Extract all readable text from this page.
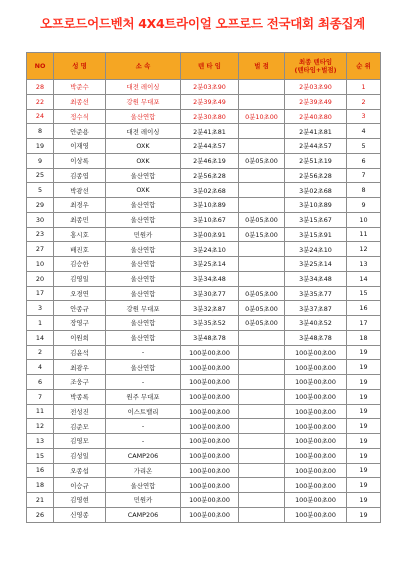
오프로드어드벤처 4X4트라이얼 오프로드 전국대회 최종집계
NO	성 명	소 속	텐 타 임	벌 점	최종 텐타임
(텐타임+벌점)	순 위
28	박준수	대전 레이싱	2분03초90		2분03초90	1
22	최종선	강원 무대포	2분39초49		2분39초49	2
24	정수식	울산연합	2분30초80	0분10초00	2분40초80	3
8	안준용	대전 레이싱	2분41초81		2분41초81	4
19	이재영	OXK	2분44초57		2분44초57	5
9	이상록	OXK	2분46초19	0분05초00	2분51초19	6
25	김종엽	울산연합	2분56초28		2분56초28	7
5	박광선	OXK	3분02초68		3분02초68	8
29	최경우	울산연합	3분10초89		3분10초89	9
30	최종민	울산연합	3분10초67	0분05초00	3분15초67	10
23	홍시호	민원카	3분00초91	0분15초00	3분15초91	11
27	배진호	울산연합	3분24초10		3분24초10	12
10	김승한	울산연합	3분25초14		3분25초14	13
20	김영일	울산연합	3분34초48		3분34초48	14
17	오경연	울산연합	3분30초77	0분05초00	3분35초77	15
3	안종규	강원 무대포	3분32초87	0분05초00	3분37초87	16
1	장영구	울산연합	3분35초52	0분05초00	3분40초52	17
14	이원희	울산연합	3분48초78		3분48초78	18
2	김윤석	-	100분00초00		100분00초00	19
4	최광우	울산연합	100분00초00		100분00초00	19
6	조웅구	-	100분00초00		100분00초00	19
7	박종록	원주 무대포	100분00초00		100분00초00	19
11	전성진	이스트밸리	100분00초00		100분00초00	19
12	김준모	-	100분00초00		100분00초00	19
13	김영모	-	100분00초00		100분00초00	19
15	김성일	CAMP206	100분00초00		100분00초00	19
16	오종섭	가리온	100분00초00		100분00초00	19
18	이승규	울산연합	100분00초00		100분00초00	19
21	김영현	민원카	100분00초00		100분00초00	19
26	신영종	CAMP206	100분00초00		100분00초00	19
